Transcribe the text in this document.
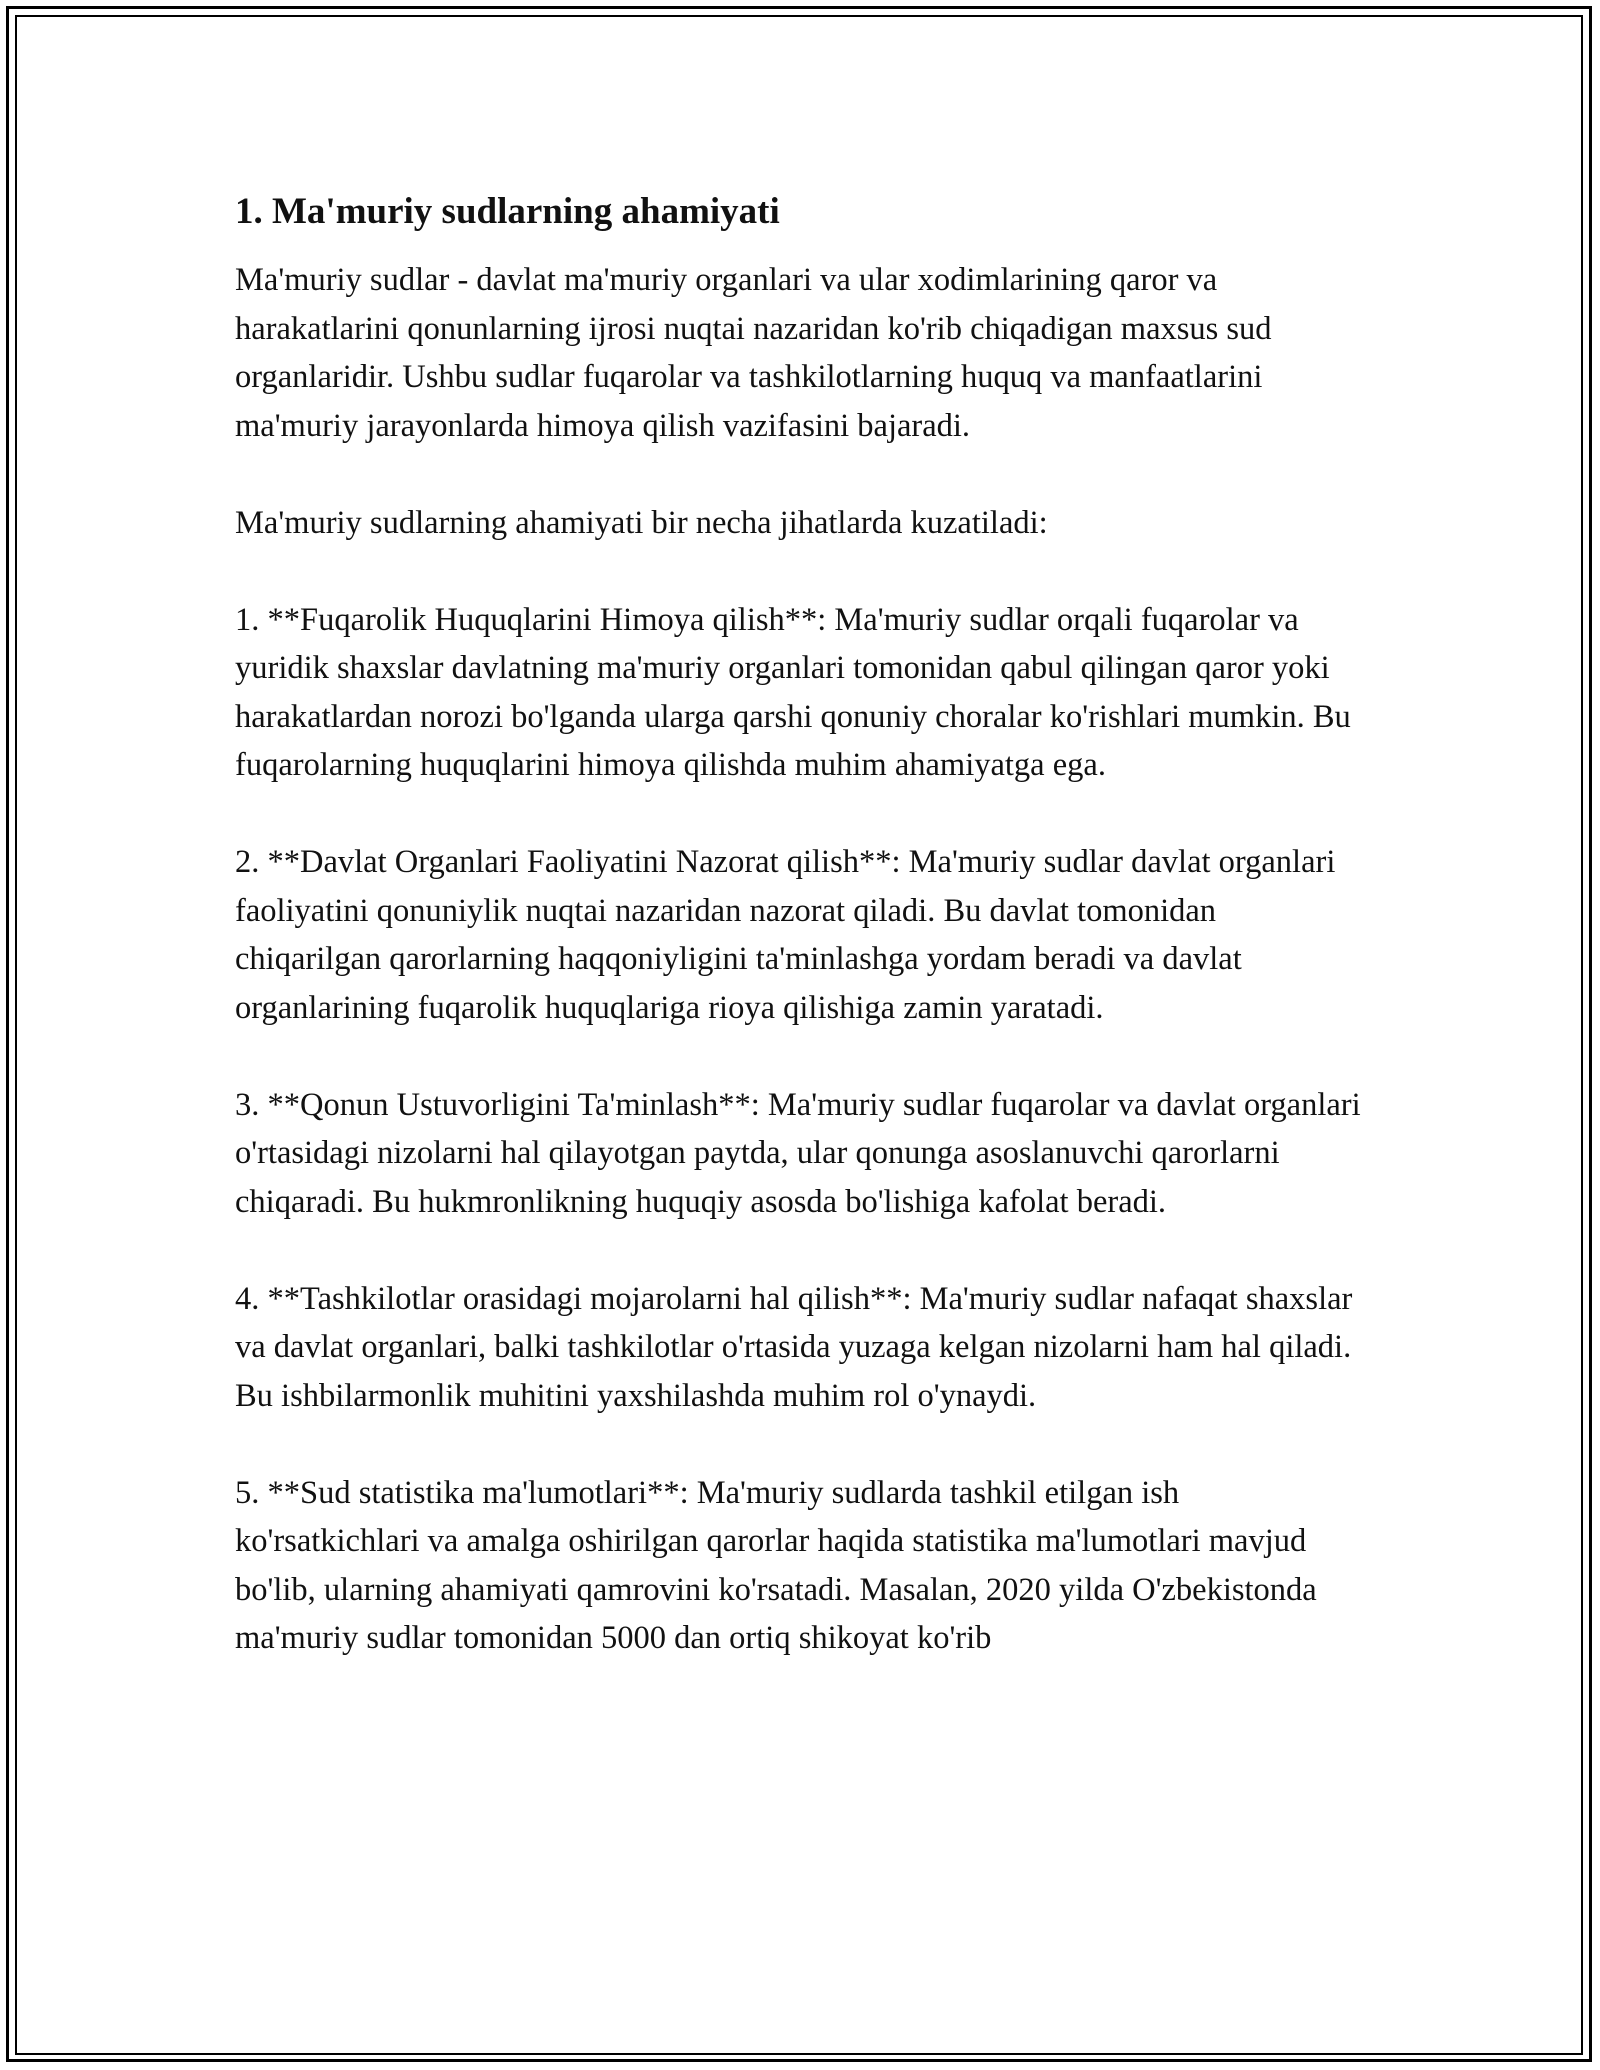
1. Ma'muriy sudlarning ahamiyati

Ma'muriy sudlar - davlat ma'muriy organlari va ular xodimlarining qaror va harakatlarini qonunlarning ijrosi nuqtai nazaridan ko'rib chiqadigan maxsus sud organlaridir. Ushbu sudlar fuqarolar va tashkilotlarning huquq va manfaatlarini ma'muriy jarayonlarda himoya qilish vazifasini bajaradi.

Ma'muriy sudlarning ahamiyati bir necha jihatlarda kuzatiladi:

1. **Fuqarolik Huquqlarini Himoya qilish**: Ma'muriy sudlar orqali fuqarolar va yuridik shaxslar davlatning ma'muriy organlari tomonidan qabul qilingan qaror yoki harakatlardan norozi bo'lganda ularga qarshi qonuniy choralar ko'rishlari mumkin. Bu fuqarolarning huquqlarini himoya qilishda muhim ahamiyatga ega.

2. **Davlat Organlari Faoliyatini Nazorat qilish**: Ma'muriy sudlar davlat organlari faoliyatini qonuniylik nuqtai nazaridan nazorat qiladi. Bu davlat tomonidan chiqarilgan qarorlarning haqqoniyligini ta'minlashga yordam beradi va davlat organlarining fuqarolik huquqlariga rioya qilishiga zamin yaratadi.

3. **Qonun Ustuvorligini Ta'minlash**: Ma'muriy sudlar fuqarolar va davlat organlari o'rtasidagi nizolarni hal qilayotgan paytda, ular qonunga asoslanuvchi qarorlarni chiqaradi. Bu hukmronlikning huquqiy asosda bo'lishiga kafolat beradi.

4. **Tashkilotlar orasidagi mojarolarni hal qilish**: Ma'muriy sudlar nafaqat shaxslar va davlat organlari, balki tashkilotlar o'rtasida yuzaga kelgan nizolarni ham hal qiladi. Bu ishbilarmonlik muhitini yaxshilashda muhim rol o'ynaydi.

5. **Sud statistika ma'lumotlari**: Ma'muriy sudlarda tashkil etilgan ish ko'rsatkichlari va amalga oshirilgan qarorlar haqida statistika ma'lumotlari mavjud bo'lib, ularning ahamiyati qamrovini ko'rsatadi. Masalan, 2020 yilda O'zbekistonda ma'muriy sudlar tomonidan 5000 dan ortiq shikoyat ko'rib
